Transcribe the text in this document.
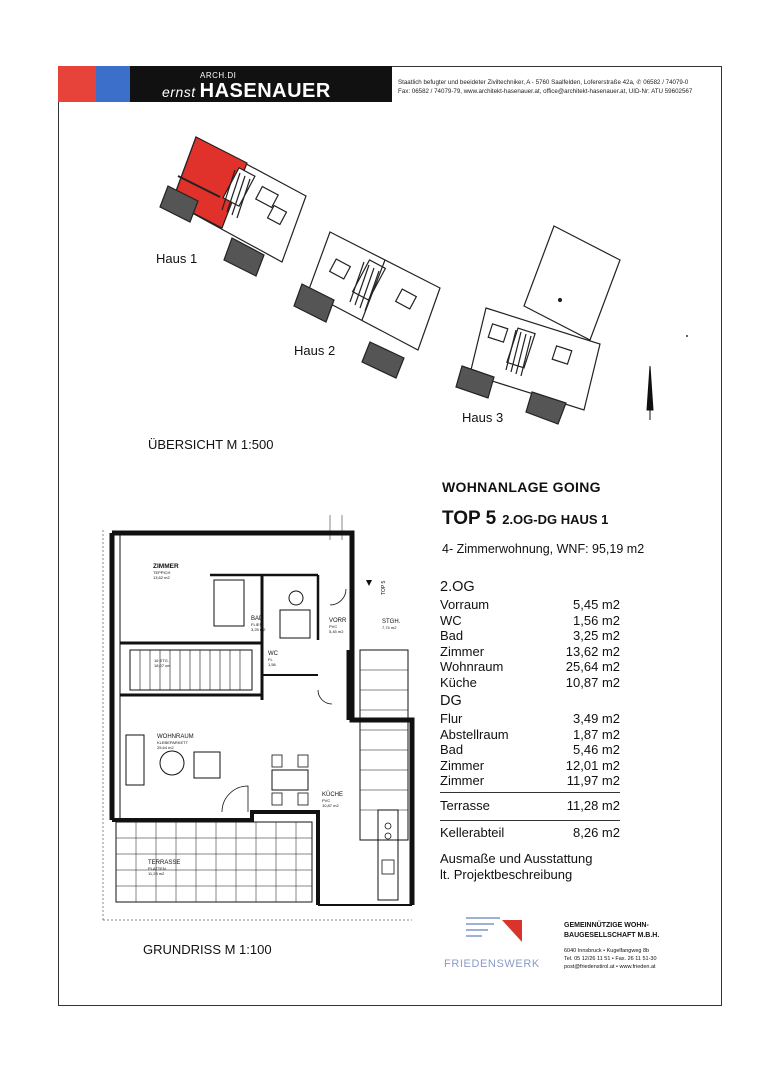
ARCH.DI
ernst HASENAUER	Staatlich befugter und beeideter Ziviltechniker, A - 5760 Saalfelden, Lofererstraße 42a, ✆ 06582 / 74079-0
Fax: 06582 / 74079-79, www.architekt-hasenauer.at, office@architekt-hasenauer.at, UID-Nr: ATU 59602567
Haus 1
Haus 2
Haus 3
N
ÜBERSICHT M 1:500
WOHNANLAGE GOING
TOP 5 2.OG-DG HAUS 1
4- Zimmerwohnung, WNF: 95,19 m2
2.OG
Vorraum	5,45 m2
WC	1,56 m2
Bad	3,25 m2
Zimmer	13,62 m2
Wohnraum	25,64 m2
Küche	10,87 m2
DG
Flur	3,49 m2
Abstellraum	1,87 m2
Bad	5,46 m2
Zimmer	12,01 m2
Zimmer	11,97 m2
Terrasse	11,28 m2
Kellerabteil	8,26 m2
Ausmaße und Ausstattung
lt. Projektbeschreibung
ZIMMER
TEPPICH
13,62 m2
BAD
FLIES
3,25 m2
VORR
PVC
5,45 m2
WC
FL
1,56
STGH.
7,74 m2
16 STG.
18,07 cm
WOHNRAUM
KLEBEPARKETT
25,64 m2
KÜCHE
PVC
10,87 m2
TERRASSE
PLATTEN
11,28 m2
TOP 5
GRUNDRISS M 1:100
FRIEDENSWERK
GEMEINNÜTZIGE WOHN-
BAUGESELLSCHAFT M.B.H.
6040 Innsbruck • Kugelfangweg 8b
Tel. 05 12/26 11 51 • Fax. 26 11 51-30
post@friedenstirol.at • www.frieden.at
